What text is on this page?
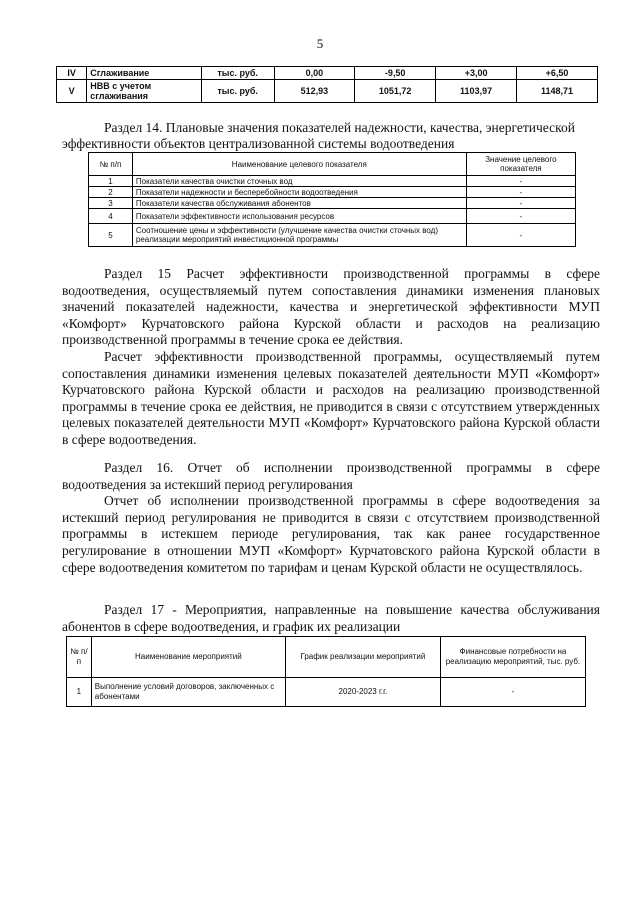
5
IV	Сглаживание	тыс. руб.	0,00	-9,50	+3,00	+6,50
V	НВВ с учетом сглаживания	тыс. руб.	512,93	1051,72	1103,97	1148,71
Раздел 14. Плановые значения показателей надежности, качества, энергетической эффективности объектов централизованной системы водоотведения
№ п/п	Наименование целевого показателя	Значение целевого показателя
1	Показатели качества очистки сточных вод	-
2	Показатели надежности и бесперебойности водоотведения	-
3	Показатели качества обслуживания абонентов	-
4	Показатели эффективности использования ресурсов	-
5	Соотношение цены и эффективности (улучшение качества очистки сточных вод) реализации мероприятий инвестиционной программы	-

Раздел 15 Расчет эффективности производственной программы в сфере водоотведения, осуществляемый путем сопоставления динамики изменения плановых значений показателей надежности, качества и энергетической эффективности МУП «Комфорт» Курчатовского района Курской области и расходов на реализацию производственной программы в течение срока ее действия.

Расчет эффективности производственной программы, осуществляемый путем сопоставления динамики изменения целевых показателей деятельности МУП «Комфорт» Курчатовского района Курской области и расходов на реализацию производственной программы в течение срока ее действия, не приводится в связи с отсутствием утвержденных целевых показателей деятельности МУП «Комфорт» Курчатовского района Курской области в сфере водоотведения.

Раздел 16. Отчет об исполнении производственной программы в сфере водоотведения за истекший период регулирования

Отчет об исполнении производственной программы в сфере водоотведения за истекший период регулирования не приводится в связи с отсутствием производственной программы в истекшем периоде регулирования, так как ранее государственное регулирование в отношении МУП «Комфорт» Курчатовского района Курской области в сфере водоотведения комитетом по тарифам и ценам Курской области не осуществлялось.

Раздел 17 - Мероприятия, направленные на повышение качества обслуживания абонентов в сфере водоотведения, и график их реализации

№ п/п	Наименование мероприятий	График реализации мероприятий	Финансовые потребности на реализацию мероприятий, тыс. руб.
1	Выполнение условий договоров, заключенных с абонентами	2020-2023 г.г.	-
